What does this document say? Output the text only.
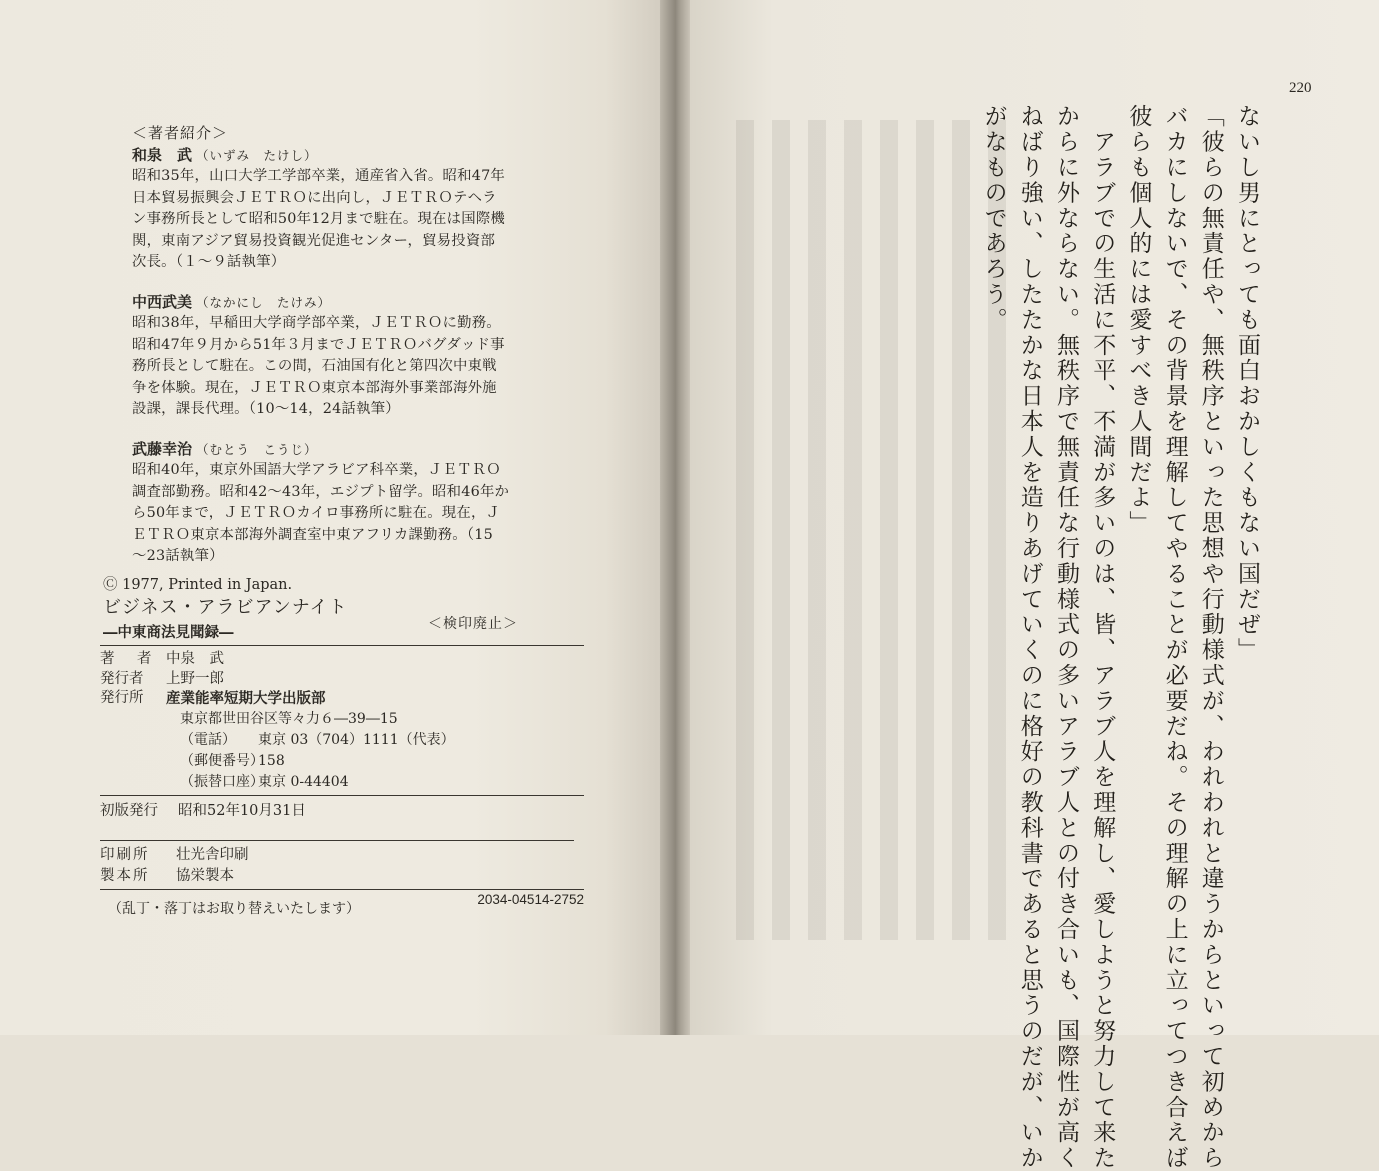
＜著者紹介＞
和泉　武 （いずみ　たけし）
昭和35年，山口大学工学部卒業，通産省入省。昭和47年
日本貿易振興会ＪＥＴＲＯに出向し，ＪＥＴＲＯテヘラ
ン事務所長として昭和50年12月まで駐在。現在は国際機
関，東南アジア貿易投資観光促進センター，貿易投資部
次長。（１～９話執筆）
中西武美 （なかにし　たけみ）
昭和38年，早稲田大学商学部卒業，ＪＥＴＲＯに勤務。
昭和47年９月から51年３月までＪＥＴＲＯバグダッド事
務所長として駐在。この間，石油国有化と第四次中東戦
争を体験。現在，ＪＥＴＲＯ東京本部海外事業部海外施
設課，課長代理。（10～14，24話執筆）
武藤幸治 （むとう　こうじ）
昭和40年，東京外国語大学アラビア科卒業，ＪＥＴＲＯ
調査部勤務。昭和42～43年，エジプト留学。昭和46年か
ら50年まで，ＪＥＴＲＯカイロ事務所に駐在。現在，Ｊ
ＥＴＲＯ東京本部海外調査室中東アフリカ課勤務。（15
～23話執筆）
Ⓒ 1977, Printed in Japan.
ビジネス・アラビアンナイト
―中東商法見聞録―	＜検印廃止＞
著　者 中泉　武
発行者	上野一郎
発行所	産業能率短期大学出版部
東京都世田谷区等々力６―39―15
（電話） 東京 03（704）1111（代表）
（郵便番号）158
（振替口座）東京 0-44404
初版発行 昭和52年10月31日
印刷所	壮光舎印刷
製本所	協栄製本
（乱丁・落丁はお取り替えいたします）
2034-04514-2752
220
ないし男にとっても面白おかしくもない国だぜ」
「彼らの無責任や、無秩序といった思想や行動様式が、われわれと違うからといって初めから
バカにしないで、その背景を理解してやることが必要だね。その理解の上に立ってつき合えば
彼らも個人的には愛すべき人間だよ」
　アラブでの生活に不平、不満が多いのは、皆、アラブ人を理解し、愛しようと努力して来た
からに外ならない。無秩序で無責任な行動様式の多いアラブ人との付き合いも、国際性が高く
ねばり強い、したたかな日本人を造りあげていくのに格好の教科書であると思うのだが、いか
がなものであろう。
